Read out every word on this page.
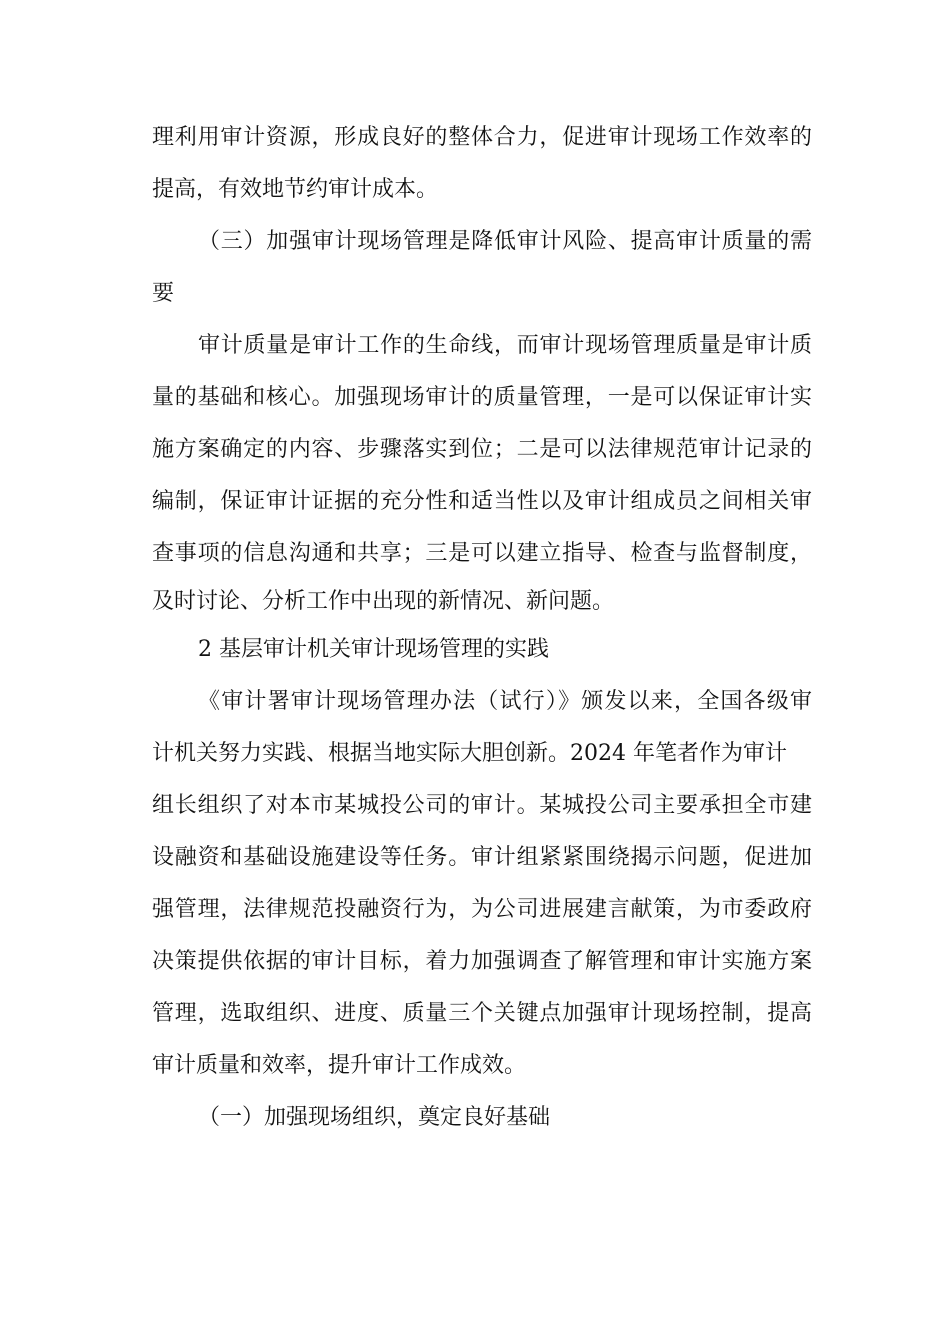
理利用审计资源，形成良好的整体合力，促进审计现场工作效率的
提高，有效地节约审计成本。
（三）加强审计现场管理是降低审计风险、提高审计质量的需
要
审计质量是审计工作的生命线，而审计现场管理质量是审计质
量的基础和核心。加强现场审计的质量管理，一是可以保证审计实
施方案确定的内容、步骤落实到位；二是可以法律规范审计记录的
编制，保证审计证据的充分性和适当性以及审计组成员之间相关审
查事项的信息沟通和共享；三是可以建立指导、检查与监督制度，
及时讨论、分析工作中出现的新情况、新问题。
2 基层审计机关审计现场管理的实践
《审计署审计现场管理办法（试行）》颁发以来，全国各级审
计机关努力实践、根据当地实际大胆创新。2024 年笔者作为审计
组长组织了对本市某城投公司的审计。某城投公司主要承担全市建
设融资和基础设施建设等任务。审计组紧紧围绕揭示问题，促进加
强管理，法律规范投融资行为，为公司进展建言献策，为市委政府
决策提供依据的审计目标，着力加强调查了解管理和审计实施方案
管理，选取组织、进度、质量三个关键点加强审计现场控制，提高
审计质量和效率，提升审计工作成效。
（一）加强现场组织，奠定良好基础
